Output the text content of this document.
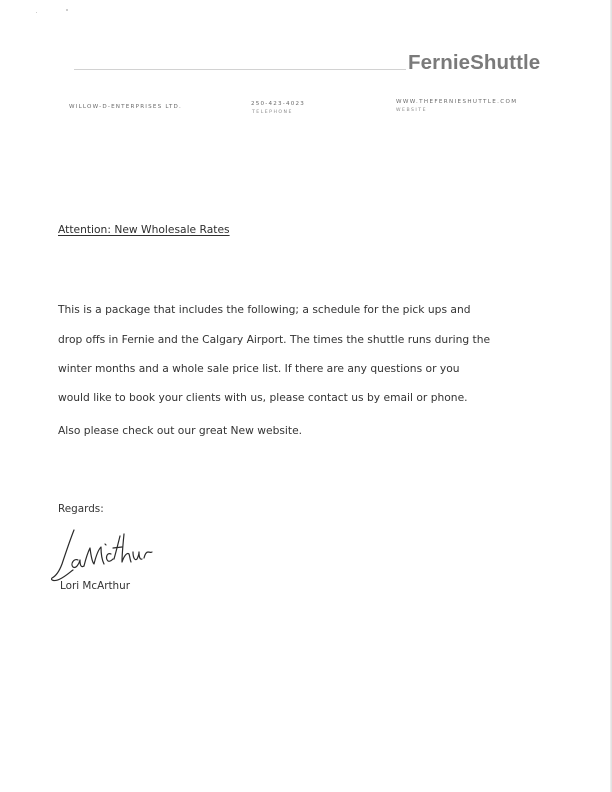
FernieShuttle
WILLOW-D-ENTERPRISES LTD.	250-423-4023
TELEPHONE
WWW.THEFERNIESHUTTLE.COM
WEBSITE
Attention: New Wholesale Rates
This is a package that includes the following; a schedule for the pick ups and
drop offs in Fernie and the Calgary Airport. The times the shuttle runs during the
winter months and a whole sale price list. If there are any questions or you
would like to book your clients with us, please contact us by email or phone.
Also please check out our great New website.
Regards:
Lori McArthur
